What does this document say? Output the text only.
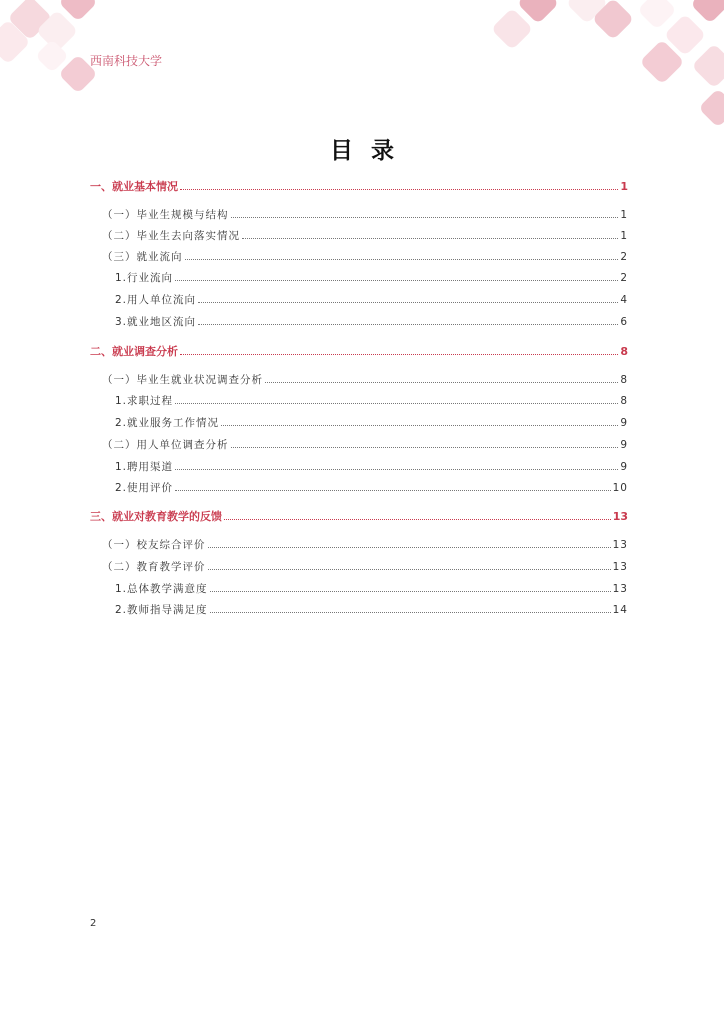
西南科技大学
目录
一、就业基本情况	1
（一）毕业生规模与结构	1
（二）毕业生去向落实情况	1
（三）就业流向	2
1.行业流向	2
2.用人单位流向	4
3.就业地区流向	6
二、就业调查分析	8
（一）毕业生就业状况调查分析	8
1.求职过程	8
2.就业服务工作情况	9
（二）用人单位调查分析	9
1.聘用渠道	9
2.使用评价	10
三、就业对教育教学的反馈	13
（一）校友综合评价	13
（二）教育教学评价	13
1.总体教学满意度	13
2.教师指导满足度	14
2
